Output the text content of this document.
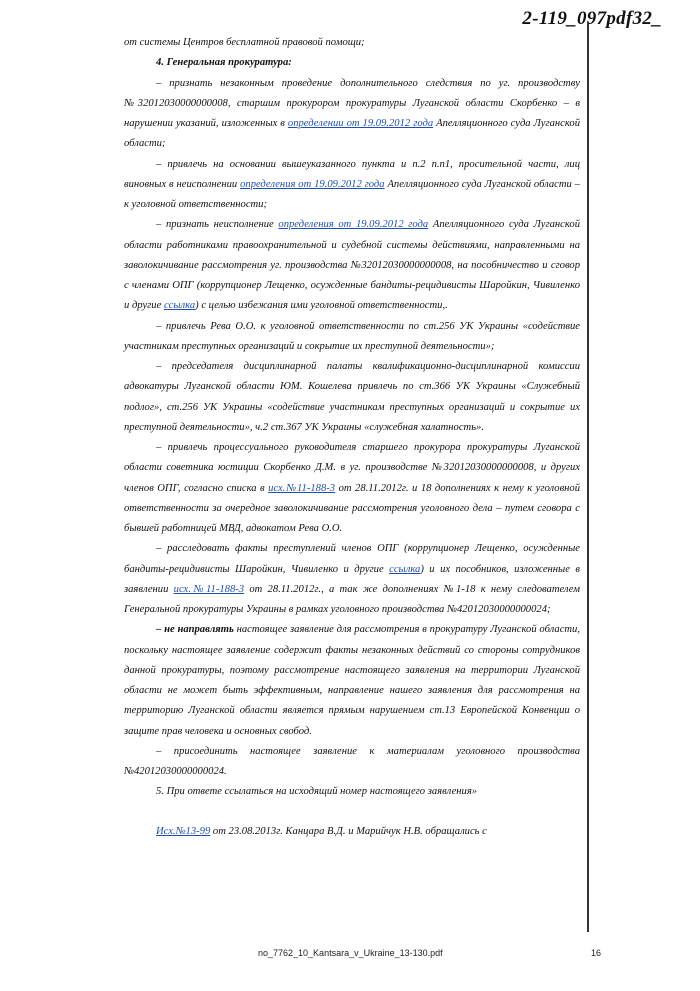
2-119_097pdf32_

от системы Центров бесплатной правовой помощи;

4. Генеральная прокуратура:

– признать незаконным проведение дополнительного следствия по уг. производству №32012030000000008, старшим прокурором прокуратуры Луганской области Скорбенко – в нарушении указаний, изложенных в определении от 19.09.2012 года Апелляционного суда Луганской области;

– привлечь на основании вышеуказанного пункта и п.2 п.п1, просительной части, лиц виновных в неисполнении определения от 19.09.2012 года Апелляционного суда Луганской области – к уголовной ответственности;

– признать неисполнение определения от 19.09.2012 года Апелляционного суда Луганской области работниками правоохранительной и судебной системы действиями, направленными на заволокичивание рассмотрения уг. производства №32012030000000008, на пособничество и сговор с членами ОПГ (коррупционер Лещенко, осужденные бандиты-рецидивисты Шаройкин, Чивиленко и другие ссылка) с целью избежания ими уголовной ответственности,.

– привлечь Рева О.О. к уголовной ответственности по ст.256 УК Украины «содействие участникам преступных организаций и сокрытие их преступной деятельности»;

– председателя дисциплинарной палаты квалификационно-дисциплинарной комиссии адвокатуры Луганской области ЮМ. Кошелева привлечь по ст.366 УК Украины «Служебный подлог», ст.256 УК Украины «содействие участникам преступных организаций и сокрытие их преступной деятельности», ч.2 ст.367 УК Украины «служебная халатность».

– привлечь процессуального руководителя старшего прокурора прокуратуры Луганской области советника юстиции Скорбенко Д.М. в уг. производстве №32012030000000008, и других членов ОПГ, согласно списка в исх.№11-188-3 от 28.11.2012г. и 18 дополнениях к нему к уголовной ответственности за очередное заволокичивание рассмотрения уголовного дела – путем сговора с бывшей работницей МВД, адвокатом Рева О.О.

– расследовать факты преступлений членов ОПГ (коррупционер Лещенко, осужденные бандиты-рецидивисты Шаройкин, Чивиленко и другие ссылка) и их пособников, изложенные в заявлении исх.№11-188-3 от 28.11.2012г., а так же дополнениях №1-18 к нему следователем Генеральной прокуратуры Украины в рамках уголовного производства №42012030000000024;

– не направлять настоящее заявление для рассмотрения в прокуратуру Луганской области, поскольку настоящее заявление содержит факты незаконных действий со стороны сотрудников данной прокуратуры, поэтому рассмотрение настоящего заявления на территории Луганской области не может быть эффективным, направление нашего заявления для рассмотрения на территорию Луганской области является прямым нарушением ст.13 Европейской Конвенции о защите прав человека и основных свобод.

– присоединить настоящее заявление к материалам уголовного производства №42012030000000024.

5. При ответе ссылаться на исходящий номер настоящего заявления»

Исх.№13-99 от 23.08.2013г. Канцара В.Д. и Марийчук Н.В. обращались с

no_7762_10_Kantsara_v_Ukraine_13-130.pdf	16
